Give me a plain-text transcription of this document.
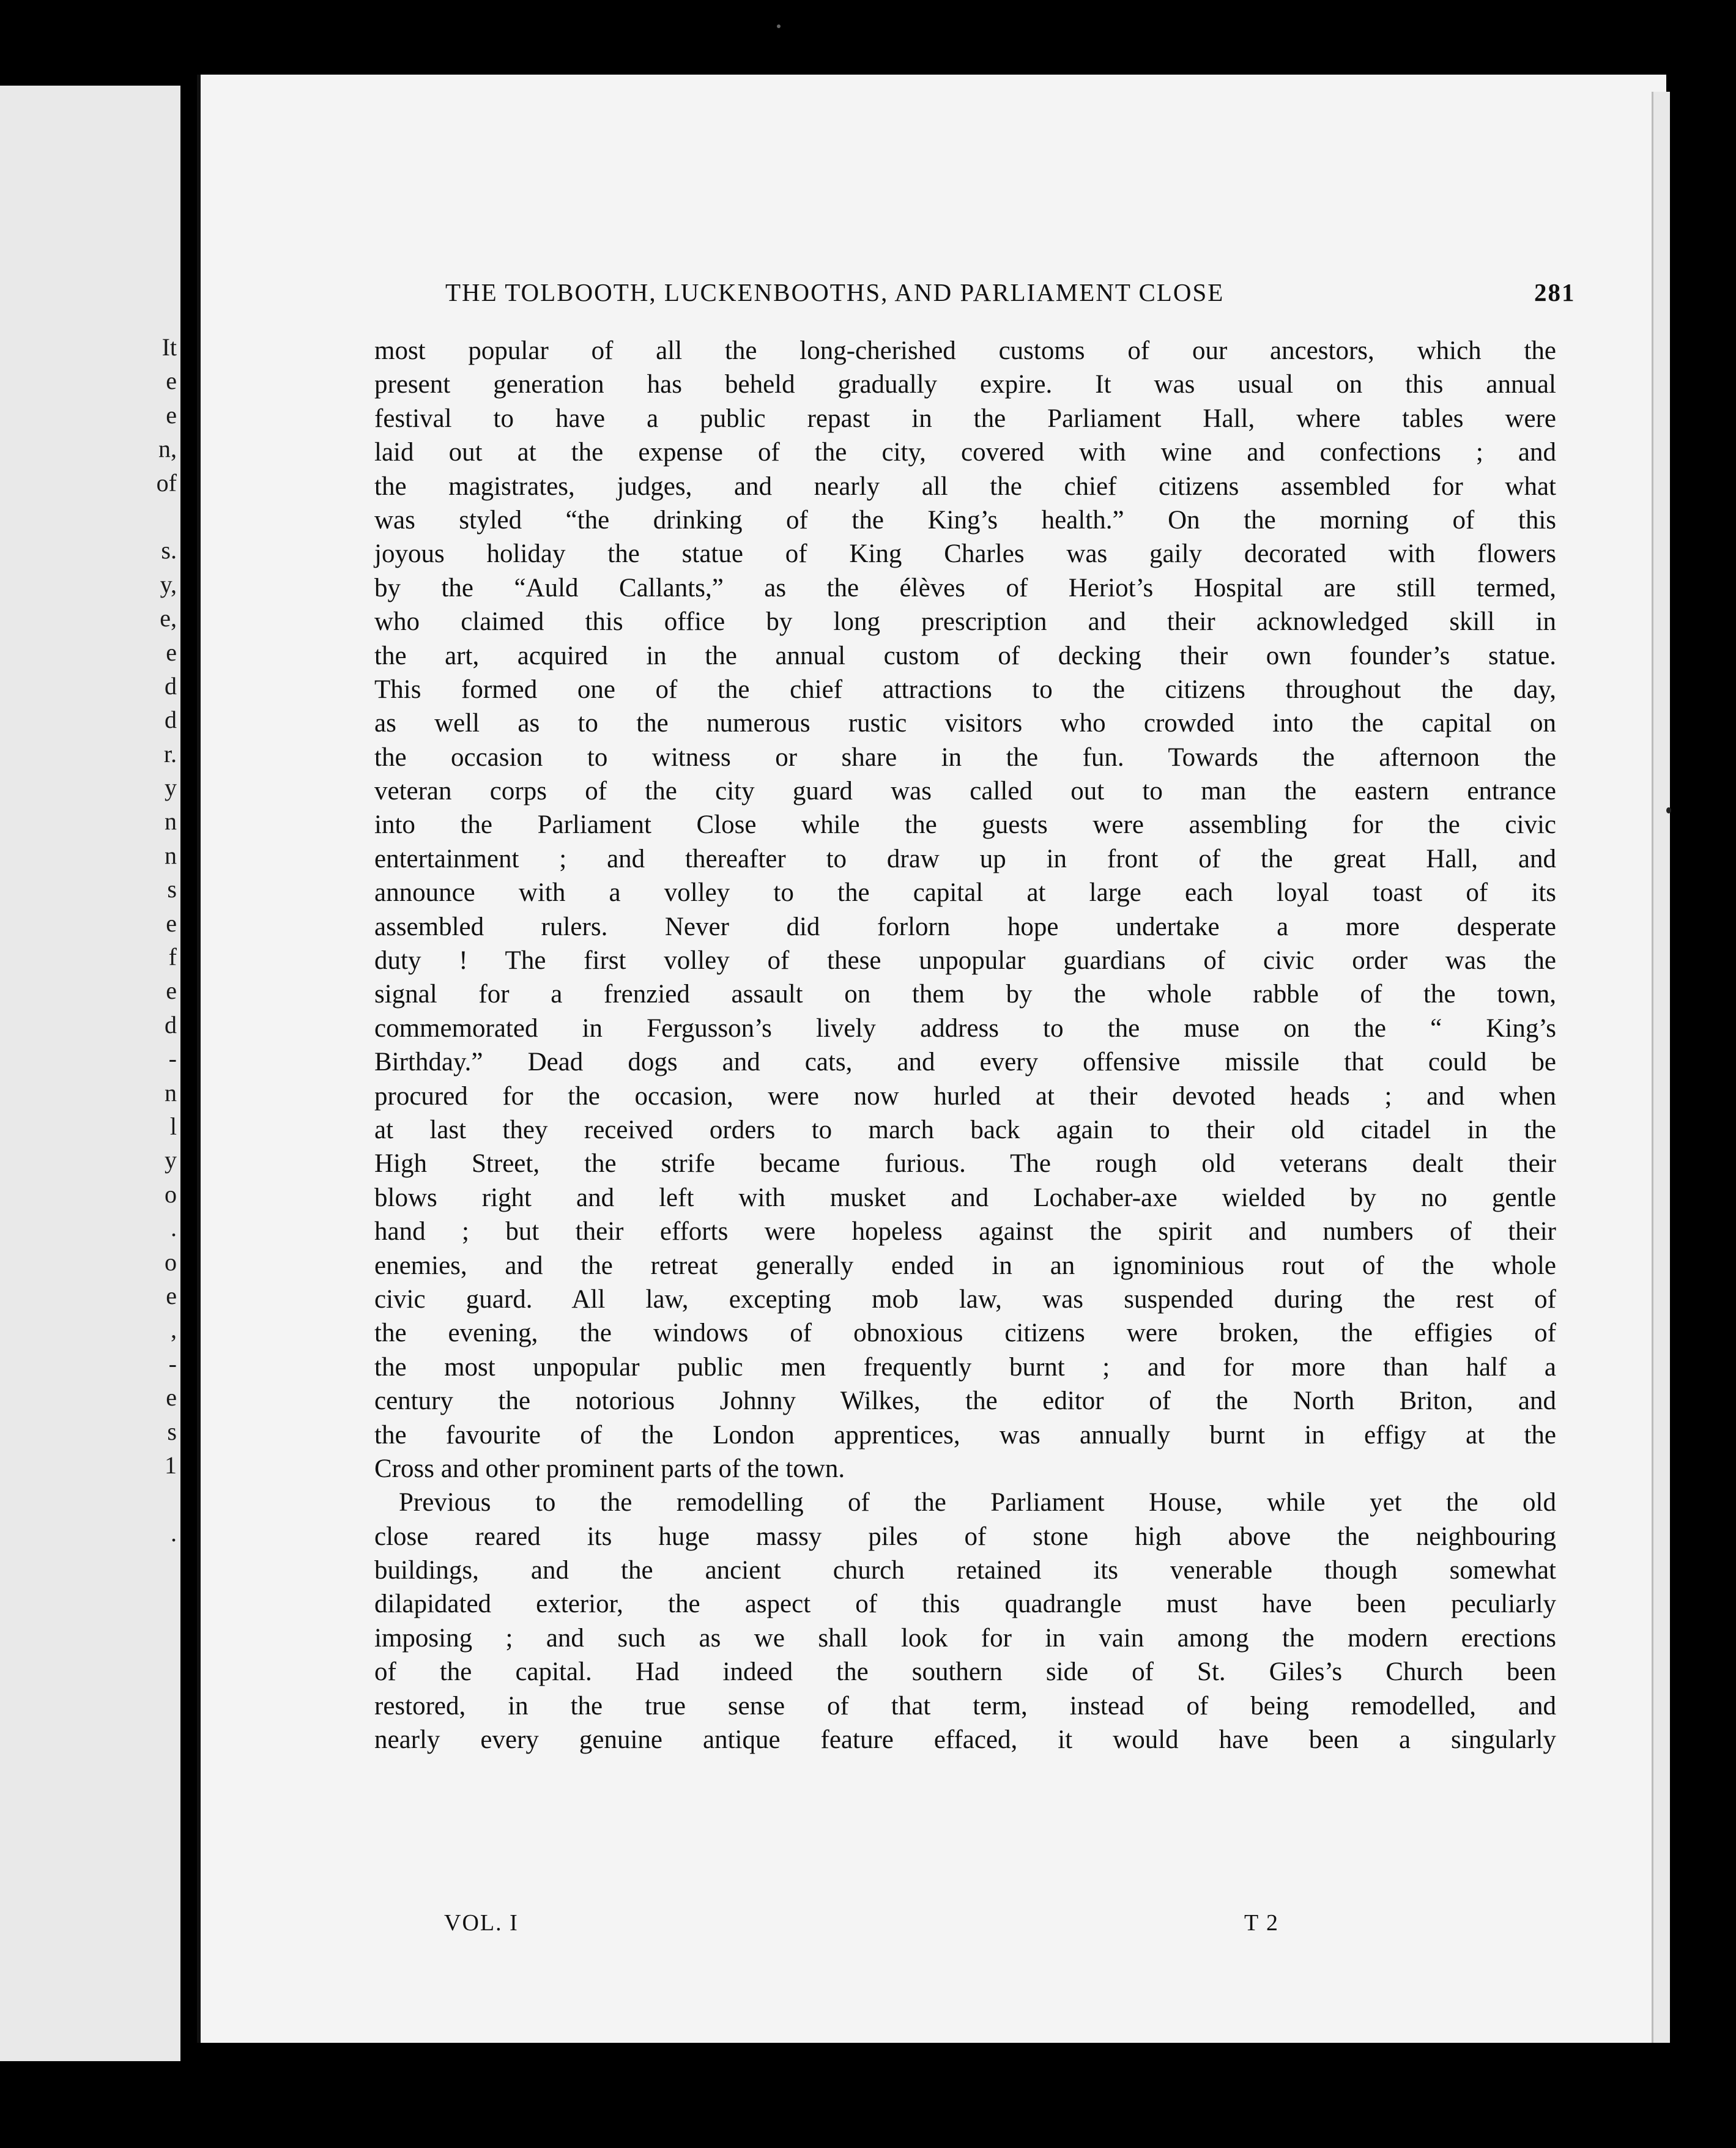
It
e
e
n,
of
s.
y,
e,
e
d
d
r.
y
n
n
s
e
f
e
d
-
n
l
y
o
.
o
e
,
-
e
s
1
.
THE TOLBOOTH, LUCKENBOOTHS, AND PARLIAMENT CLOSE	281
most popular of all the long-cherished customs of our ancestors, which the
present generation has beheld gradually expire. It was usual on this annual
festival to have a public repast in the Parliament Hall, where tables were
laid out at the expense of the city, covered with wine and confections ; and
the magistrates, judges, and nearly all the chief citizens assembled for what
was styled “the drinking of the King’s health.” On the morning of this
joyous holiday the statue of King Charles was gaily decorated with flowers
by the “Auld Callants,” as the élèves of Heriot’s Hospital are still termed,
who claimed this office by long prescription and their acknowledged skill in
the art, acquired in the annual custom of decking their own founder’s statue.
This formed one of the chief attractions to the citizens throughout the day,
as well as to the numerous rustic visitors who crowded into the capital on
the occasion to witness or share in the fun. Towards the afternoon the
veteran corps of the city guard was called out to man the eastern entrance
into the Parliament Close while the guests were assembling for the civic
entertainment ; and thereafter to draw up in front of the great Hall, and
announce with a volley to the capital at large each loyal toast of its
assembled rulers. Never did forlorn hope undertake a more desperate
duty ! The first volley of these unpopular guardians of civic order was the
signal for a frenzied assault on them by the whole rabble of the town,
commemorated in Fergusson’s lively address to the muse on the “ King’s
Birthday.” Dead dogs and cats, and every offensive missile that could be
procured for the occasion, were now hurled at their devoted heads ; and when
at last they received orders to march back again to their old citadel in the
High Street, the strife became furious. The rough old veterans dealt their
blows right and left with musket and Lochaber-axe wielded by no gentle
hand ; but their efforts were hopeless against the spirit and numbers of their
enemies, and the retreat generally ended in an ignominious rout of the whole
civic guard. All law, excepting mob law, was suspended during the rest of
the evening, the windows of obnoxious citizens were broken, the effigies of
the most unpopular public men frequently burnt ; and for more than half a
century the notorious Johnny Wilkes, the editor of the North Briton, and
the favourite of the London apprentices, was annually burnt in effigy at the
Cross and other prominent parts of the town.
Previous to the remodelling of the Parliament House, while yet the old
close reared its huge massy piles of stone high above the neighbouring
buildings, and the ancient church retained its venerable though somewhat
dilapidated exterior, the aspect of this quadrangle must have been peculiarly
imposing ; and such as we shall look for in vain among the modern erections
of the capital. Had indeed the southern side of St. Giles’s Church been
restored, in the true sense of that term, instead of being remodelled, and
nearly every genuine antique feature effaced, it would have been a singularly
VOL. I	T 2
